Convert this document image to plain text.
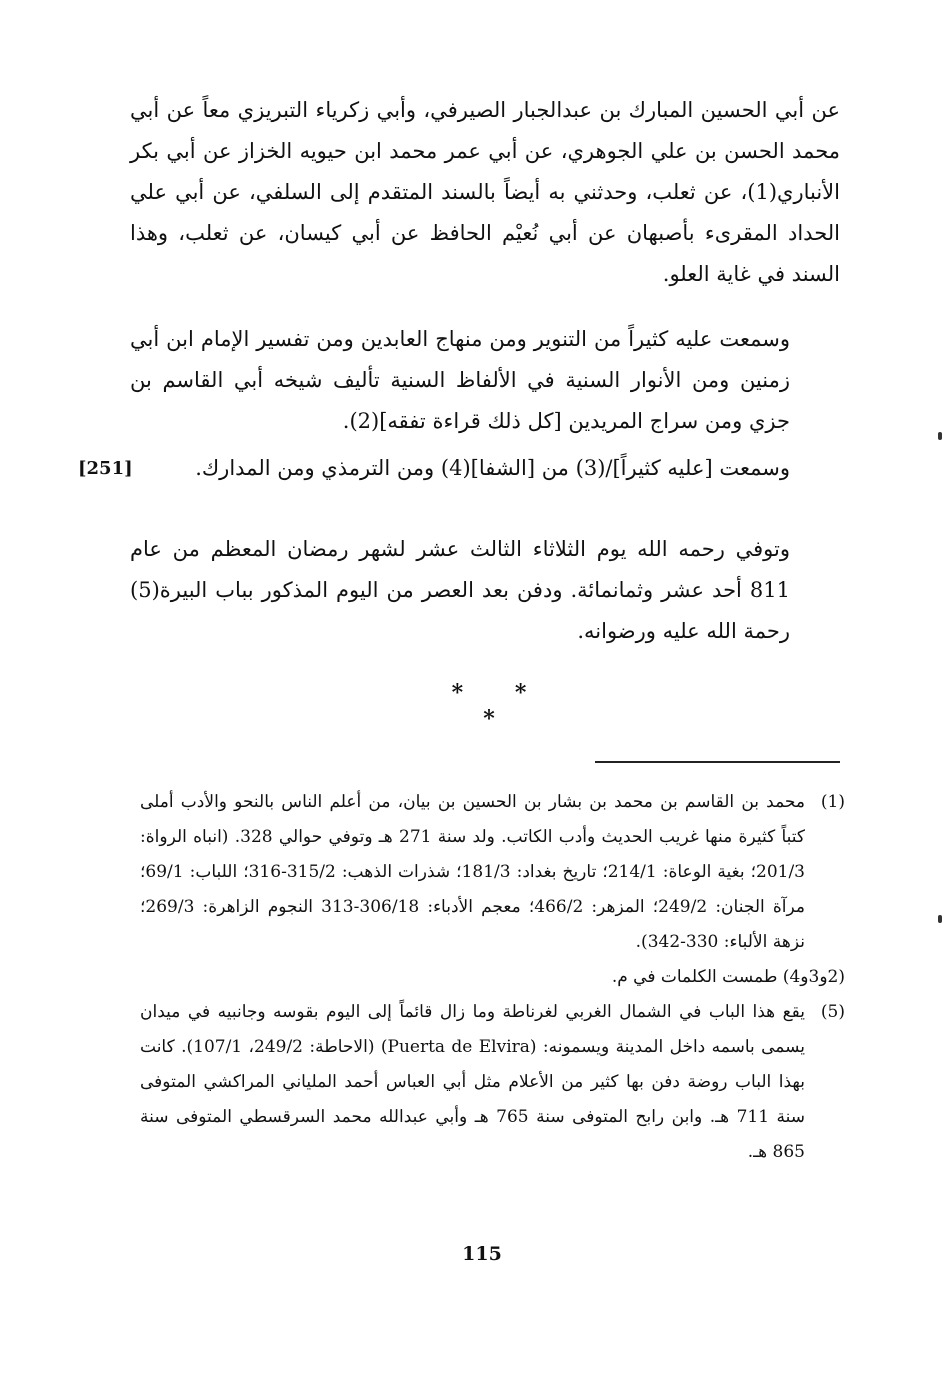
عن أبي الحسين المبارك بن عبدالجبار الصيرفي، وأبي زكرياء التبريزي معاً عن أبي محمد الحسن بن علي الجوهري، عن أبي عمر محمد ابن حيويه الخزاز عن أبي بكر الأنباري(1)، عن ثعلب، وحدثني به أيضاً بالسند المتقدم إلى السلفي، عن أبي علي الحداد المقرىء بأصبهان عن أبي نُعيْم الحافظ عن أبي كيسان، عن ثعلب، وهذا السند في غاية العلو.

وسمعت عليه كثيراً من التنوير ومن منهاج العابدين ومن تفسير الإمام ابن أبي زمنين ومن الأنوار السنية في الألفاظ السنية تأليف شيخه أبي القاسم بن جزي ومن سراج المريدين [كل ذلك قراءة تفقه](2).

وسمعت [عليه كثيراً]/(3) من [الشفا](4) ومن الترمذي ومن المدارك.

[251]

وتوفي رحمه الله يوم الثلاثاء الثالث عشر لشهر رمضان المعظم من عام 811 أحد عشر وثمانمائة. ودفن بعد العصر من اليوم المذكور بباب البيرة(5) رحمة الله عليه ورضوانه.

* * *
(1)
محمد بن القاسم بن محمد بن بشار بن الحسين بن بيان، من أعلم الناس بالنحو والأدب أملى كتباً كثيرة منها غريب الحديث وأدب الكاتب. ولد سنة 271 هـ وتوفي حوالي 328. (انباه الرواة: 201/3؛ بغية الوعاة: 214/1؛ تاريخ بغداد: 181/3؛ شذرات الذهب: 315/2-316؛ اللباب: 69/1؛ مرآة الجنان: 249/2؛ المزهر: 466/2؛ معجم الأدباء: 306/18-313 النجوم الزاهرة: 269/3؛ نزهة الألباء: 330-342).

(2و3و4) طمست الكلمات في م.

(5)
يقع هذا الباب في الشمال الغربي لغرناطة وما زال قائماً إلى اليوم بقوسه وجانبيه في ميدان يسمى باسمه داخل المدينة ويسمونه: (Puerta de Elvira) (الاحاطة: 249/2، 107/1). كانت بهذا الباب روضة دفن بها كثير من الأعلام مثل أبي العباس أحمد الملياني المراكشي المتوفى سنة 711 هـ. وابن رابح المتوفى سنة 765 هـ وأبي عبدالله محمد السرقسطي المتوفى سنة 865 هـ.
115
